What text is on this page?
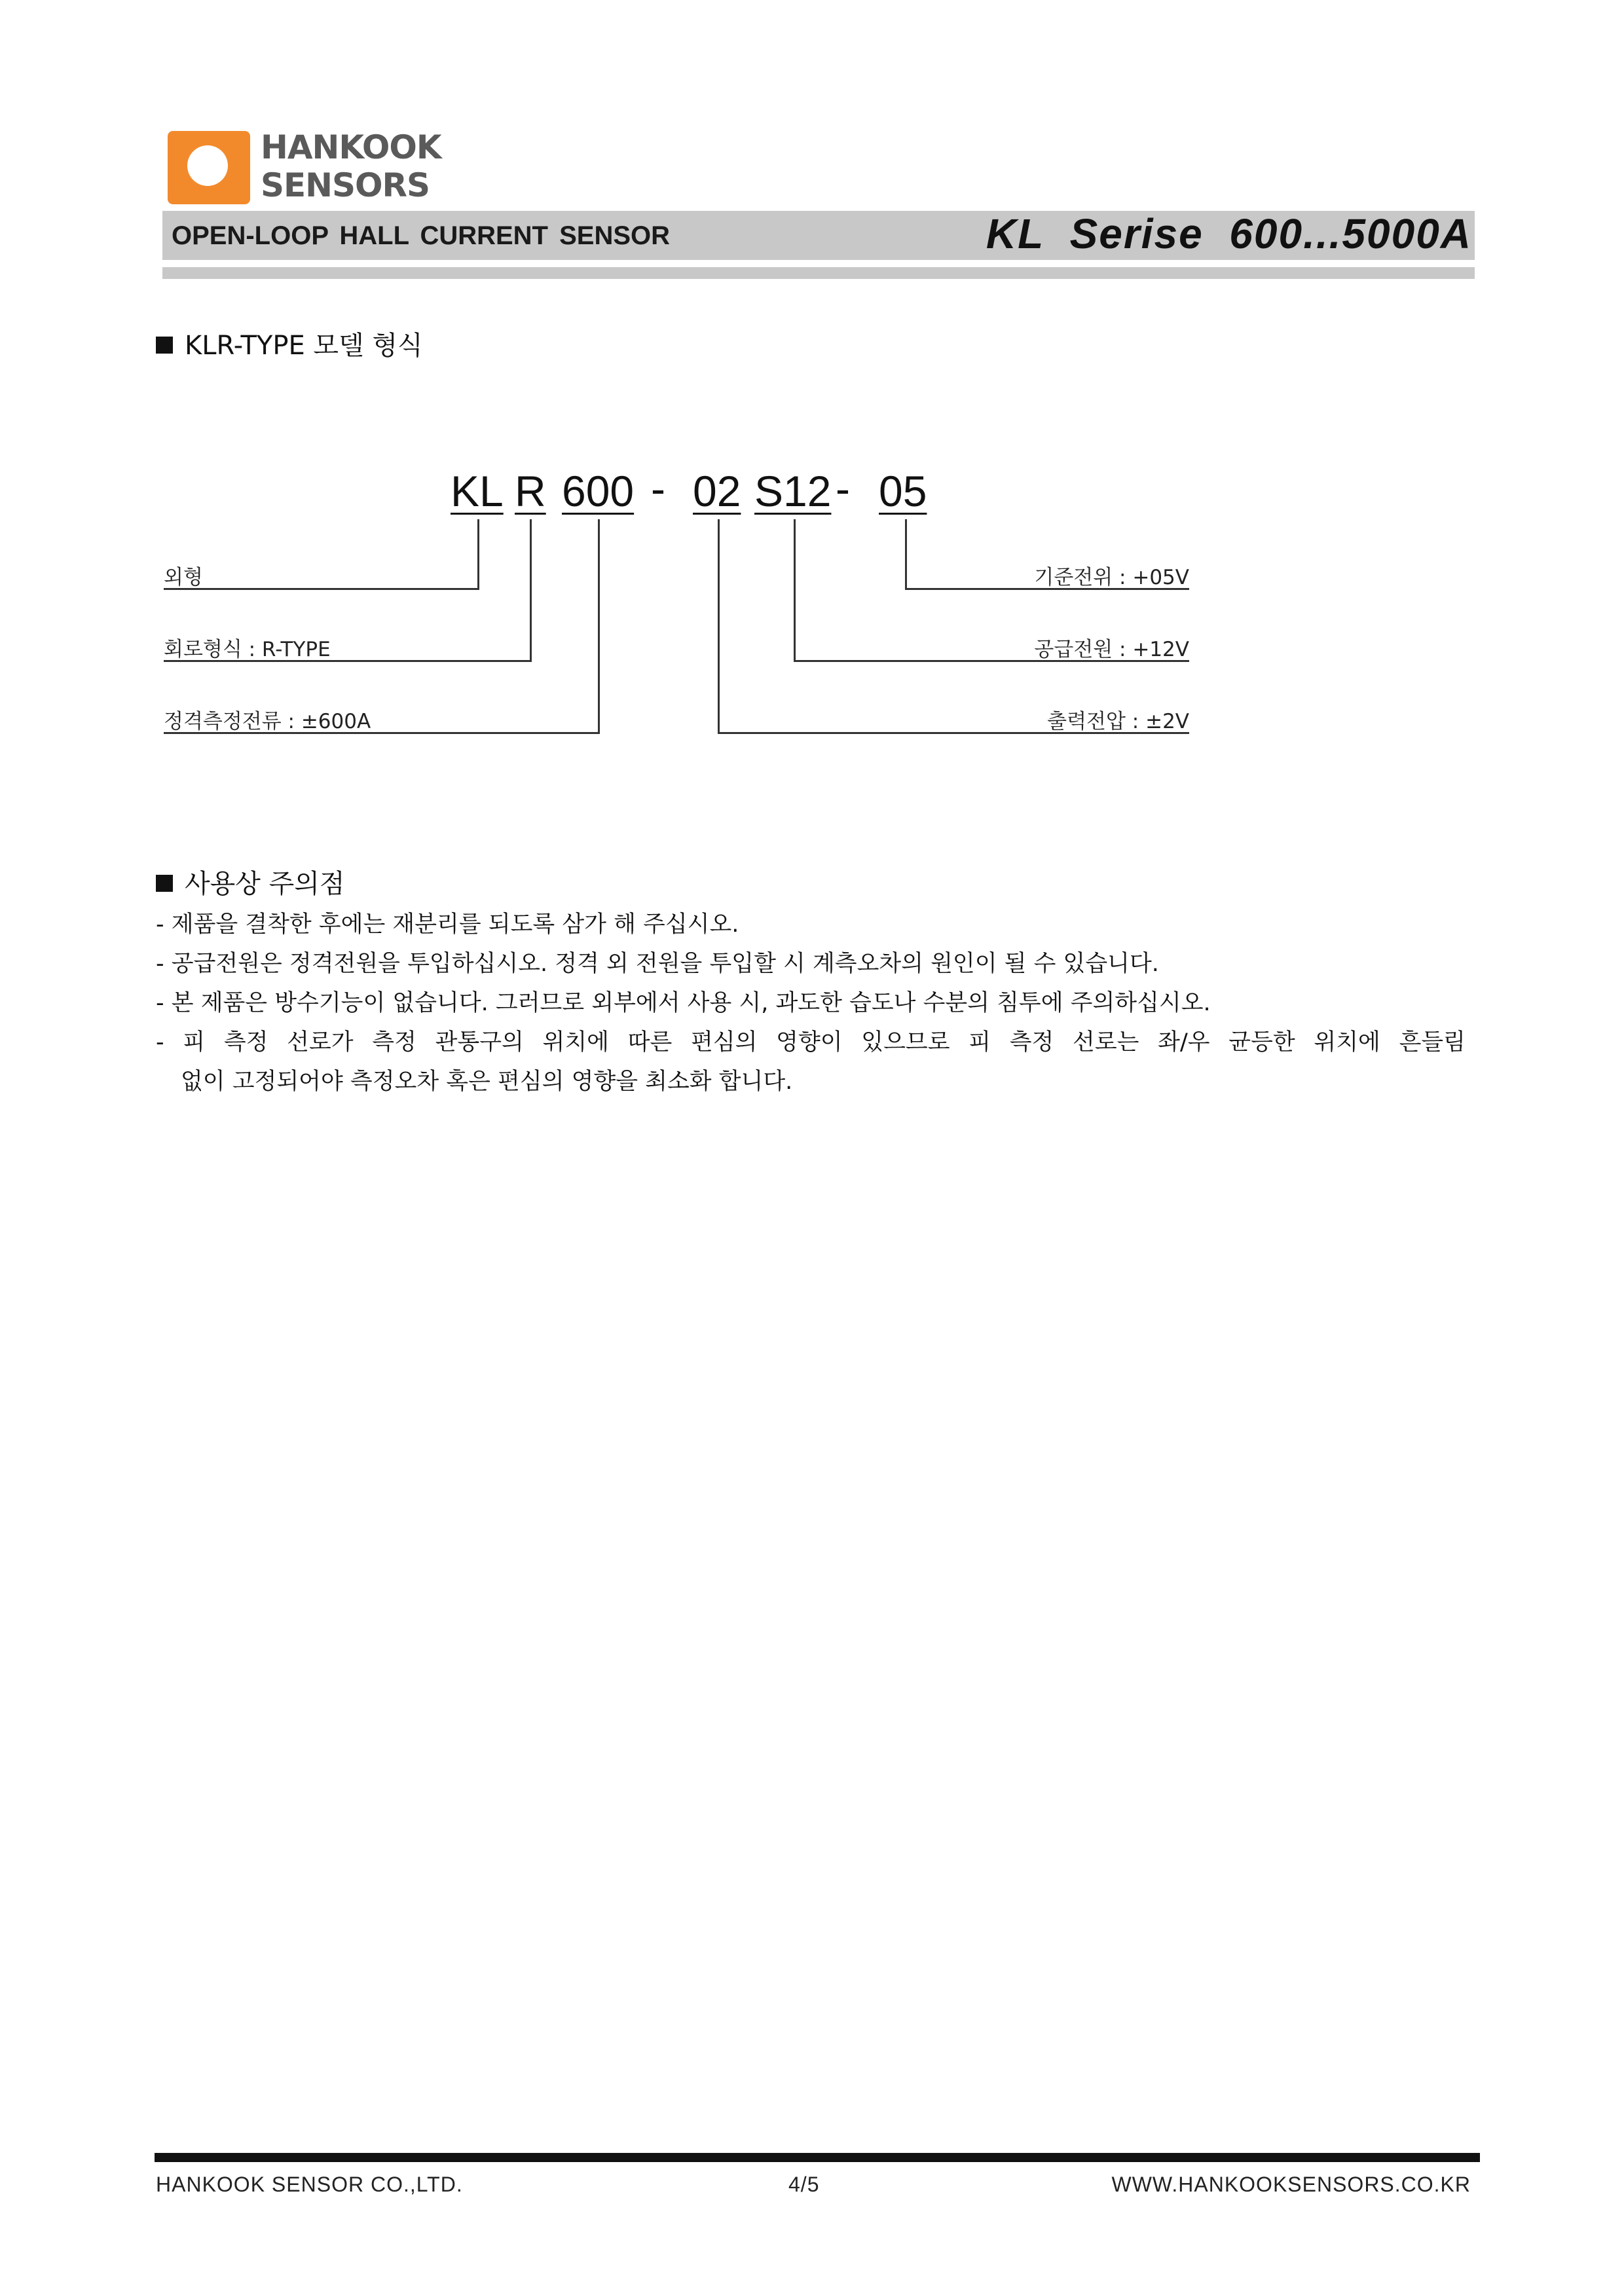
HANKOOK
SENSORS
OPEN-LOOP HALL CURRENT SENSOR	KL  Serise  600...5000A
KLR-TYPE 모델 형식
KL R 600 - 02 S12 - 05
외형
회로형식 : R-TYPE
정격측정전류 : ±600A
기준전위 : +05V
공급전원 : +12V
출력전압 : ±2V
사용상 주의점
- 제품을 결착한 후에는 재분리를 되도록 삼가 해 주십시오.
- 공급전원은 정격전원을 투입하십시오. 정격 외 전원을 투입할 시 계측오차의 원인이 될 수 있습니다.
- 본 제품은 방수기능이 없습니다. 그러므로 외부에서 사용 시, 과도한 습도나 수분의 침투에 주의하십시오.
- 피 측정 선로가 측정 관통구의 위치에 따른 편심의 영향이 있으므로 피 측정 선로는 좌/우 균등한 위치에 흔들림
없이 고정되어야 측정오차 혹은 편심의 영향을 최소화 합니다.
HANKOOK SENSOR CO.,LTD.	4/5	WWW.HANKOOKSENSORS.CO.KR
